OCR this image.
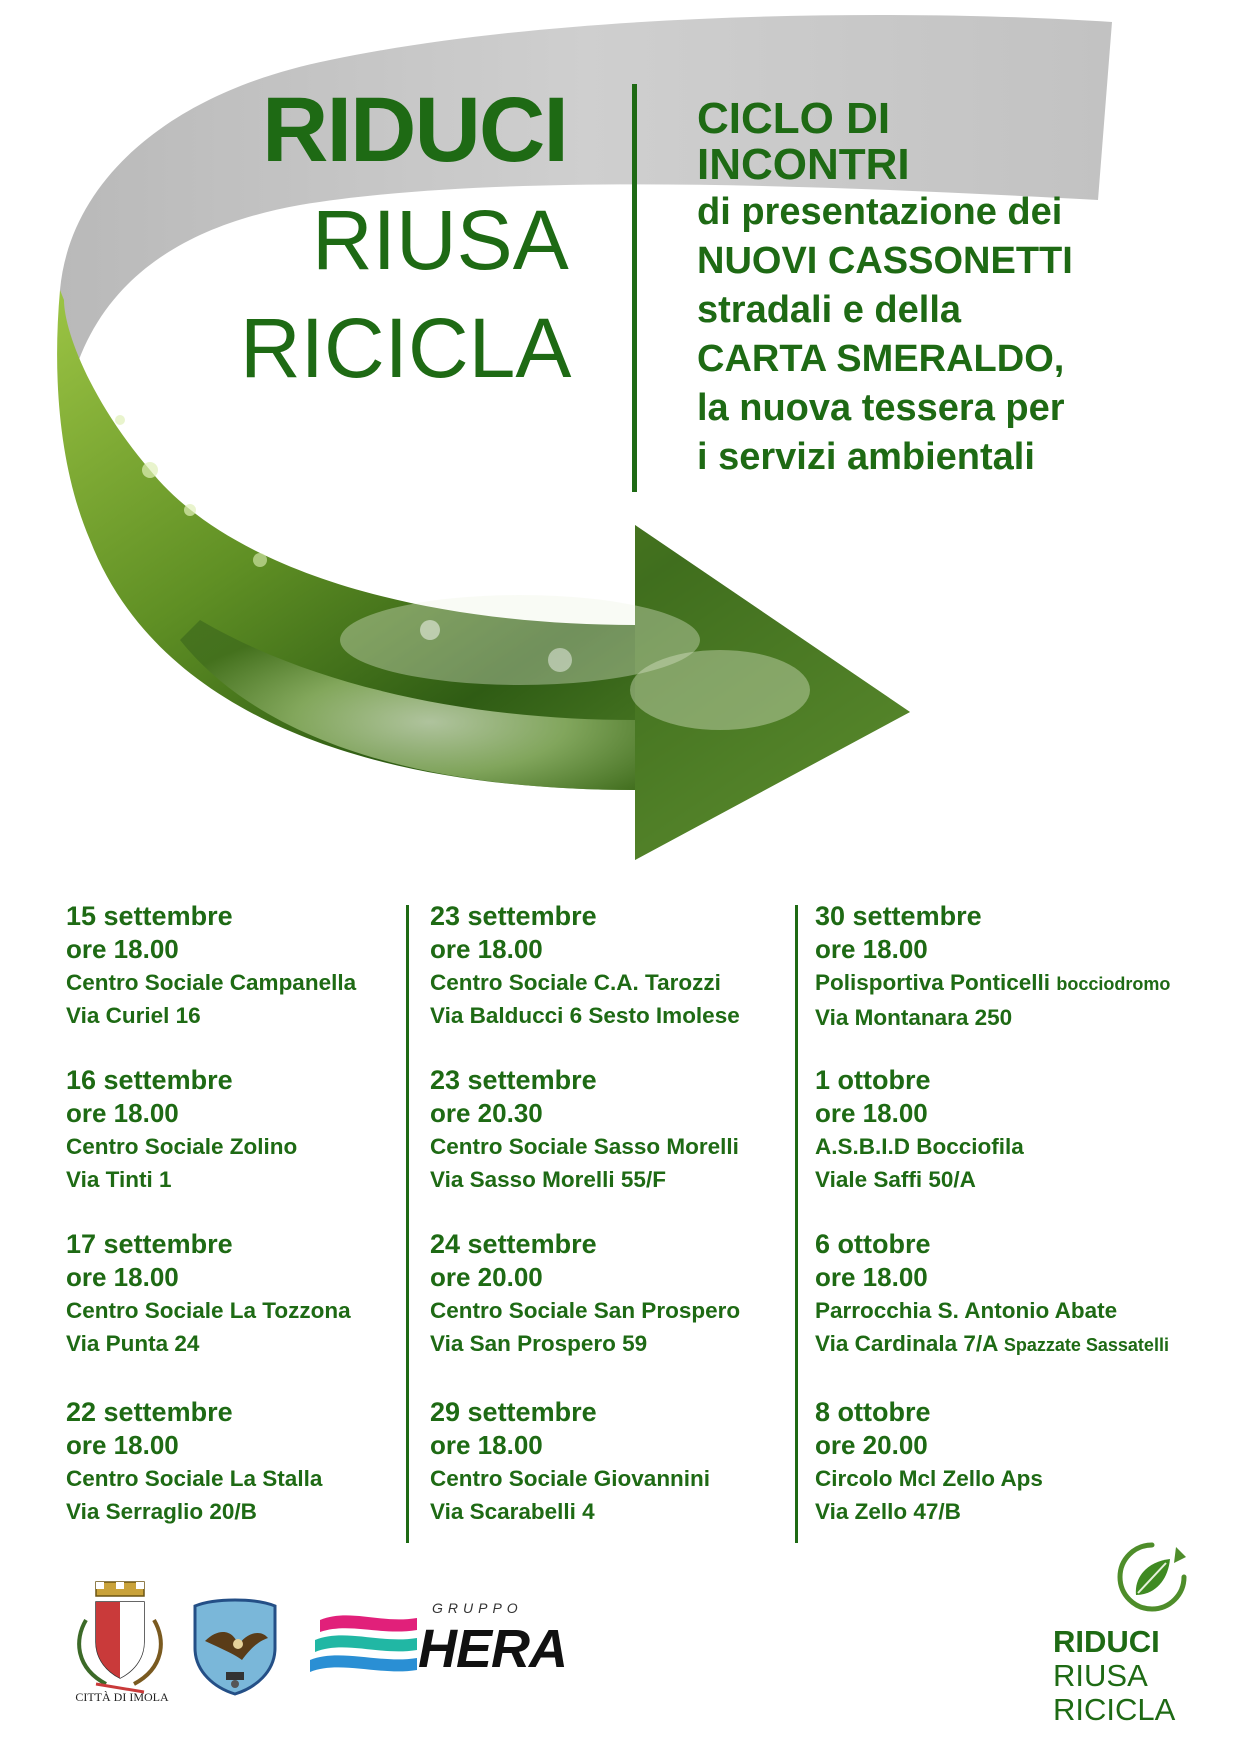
RIDUCI
RIUSA
RICICLA
CICLO DI
INCONTRI
di presentazione dei
NUOVI CASSONETTI
stradali e della
CARTA SMERALDO,
la nuova tessera per
i servizi ambientali
15 settembre
ore 18.00
Centro Sociale Campanella
Via Curiel 16
16 settembre
ore 18.00
Centro Sociale Zolino
Via Tinti 1
17 settembre
ore 18.00
Centro Sociale La Tozzona
Via Punta 24
22 settembre
ore 18.00
Centro Sociale La Stalla
Via Serraglio 20/B
23 settembre
ore 18.00
Centro Sociale C.A. Tarozzi
Via Balducci 6 Sesto Imolese
23 settembre
ore 20.30
Centro Sociale Sasso Morelli
Via Sasso Morelli 55/F
24 settembre
ore 20.00
Centro Sociale San Prospero
Via San Prospero 59
29 settembre
ore 18.00
Centro Sociale Giovannini
Via Scarabelli 4
30 settembre
ore 18.00
Polisportiva Ponticelli bocciodromo
Via Montanara 250
1 ottobre
ore 18.00
A.S.B.I.D Bocciofila
Viale Saffi 50/A
6 ottobre
ore 18.00
Parrocchia S. Antonio Abate
Via Cardinala 7/A Spazzate Sassatelli
8 ottobre
ore 20.00
Circolo Mcl Zello Aps
Via Zello 47/B
CITTÀ DI IMOLA
GRUPPO
HERA	RIDUCI
RIUSA
RICICLA
